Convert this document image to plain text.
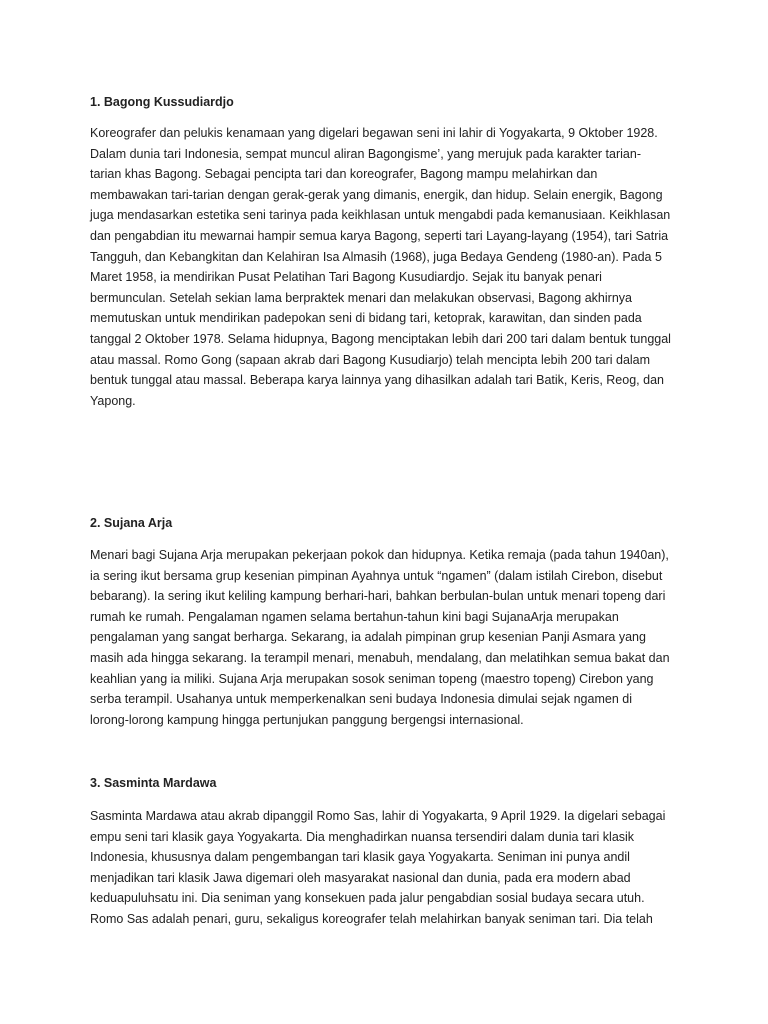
1. Bagong Kussudiardjo

Koreografer dan pelukis kenamaan yang digelari begawan seni ini lahir di Yogyakarta, 9 Oktober 1928.
Dalam dunia tari Indonesia, sempat muncul aliran Bagongisme’, yang merujuk pada karakter tarian-
tarian khas Bagong. Sebagai pencipta tari dan koreografer, Bagong mampu melahirkan dan
membawakan tari-tarian dengan gerak-gerak yang dimanis, energik, dan hidup. Selain energik, Bagong
juga mendasarkan estetika seni tarinya pada keikhlasan untuk mengabdi pada kemanusiaan. Keikhlasan
dan pengabdian itu mewarnai hampir semua karya Bagong, seperti tari Layang-layang (1954), tari Satria
Tangguh, dan Kebangkitan dan Kelahiran Isa Almasih (1968), juga Bedaya Gendeng (1980-an). Pada 5
Maret 1958, ia mendirikan Pusat Pelatihan Tari Bagong Kusudiardjo. Sejak itu banyak penari
bermunculan. Setelah sekian lama berpraktek menari dan melakukan observasi, Bagong akhirnya
memutuskan untuk mendirikan padepokan seni di bidang tari, ketoprak, karawitan, dan sinden pada
tanggal 2 Oktober 1978. Selama hidupnya, Bagong menciptakan lebih dari 200 tari dalam bentuk tunggal
atau massal. Romo Gong (sapaan akrab dari Bagong Kusudiarjo) telah mencipta lebih 200 tari dalam
bentuk tunggal atau massal. Beberapa karya lainnya yang dihasilkan adalah tari Batik, Keris, Reog, dan
Yapong.

2. Sujana Arja

Menari bagi Sujana Arja merupakan pekerjaan pokok dan hidupnya. Ketika remaja (pada tahun 1940an),
ia sering ikut bersama grup kesenian pimpinan Ayahnya untuk “ngamen” (dalam istilah Cirebon, disebut
bebarang). Ia sering ikut keliling kampung berhari-hari, bahkan berbulan-bulan untuk menari topeng dari
rumah ke rumah. Pengalaman ngamen selama bertahun-tahun kini bagi SujanaArja merupakan
pengalaman yang sangat berharga. Sekarang, ia adalah pimpinan grup kesenian Panji Asmara yang
masih ada hingga sekarang. Ia terampil menari, menabuh, mendalang, dan melatihkan semua bakat dan
keahlian yang ia miliki. Sujana Arja merupakan sosok seniman topeng (maestro topeng) Cirebon yang
serba terampil. Usahanya untuk memperkenalkan seni budaya Indonesia dimulai sejak ngamen di
lorong-lorong kampung hingga pertunjukan panggung bergengsi internasional.

3. Sasminta Mardawa

Sasminta Mardawa atau akrab dipanggil Romo Sas, lahir di Yogyakarta, 9 April 1929. Ia digelari sebagai
empu seni tari klasik gaya Yogyakarta. Dia menghadirkan nuansa tersendiri dalam dunia tari klasik
Indonesia, khususnya dalam pengembangan tari klasik gaya Yogyakarta. Seniman ini punya andil
menjadikan tari klasik Jawa digemari oleh masyarakat nasional dan dunia, pada era modern abad
keduapuluhsatu ini. Dia seniman yang konsekuen pada jalur pengabdian sosial budaya secara utuh.
Romo Sas adalah penari, guru, sekaligus koreografer telah melahirkan banyak seniman tari. Dia telah
